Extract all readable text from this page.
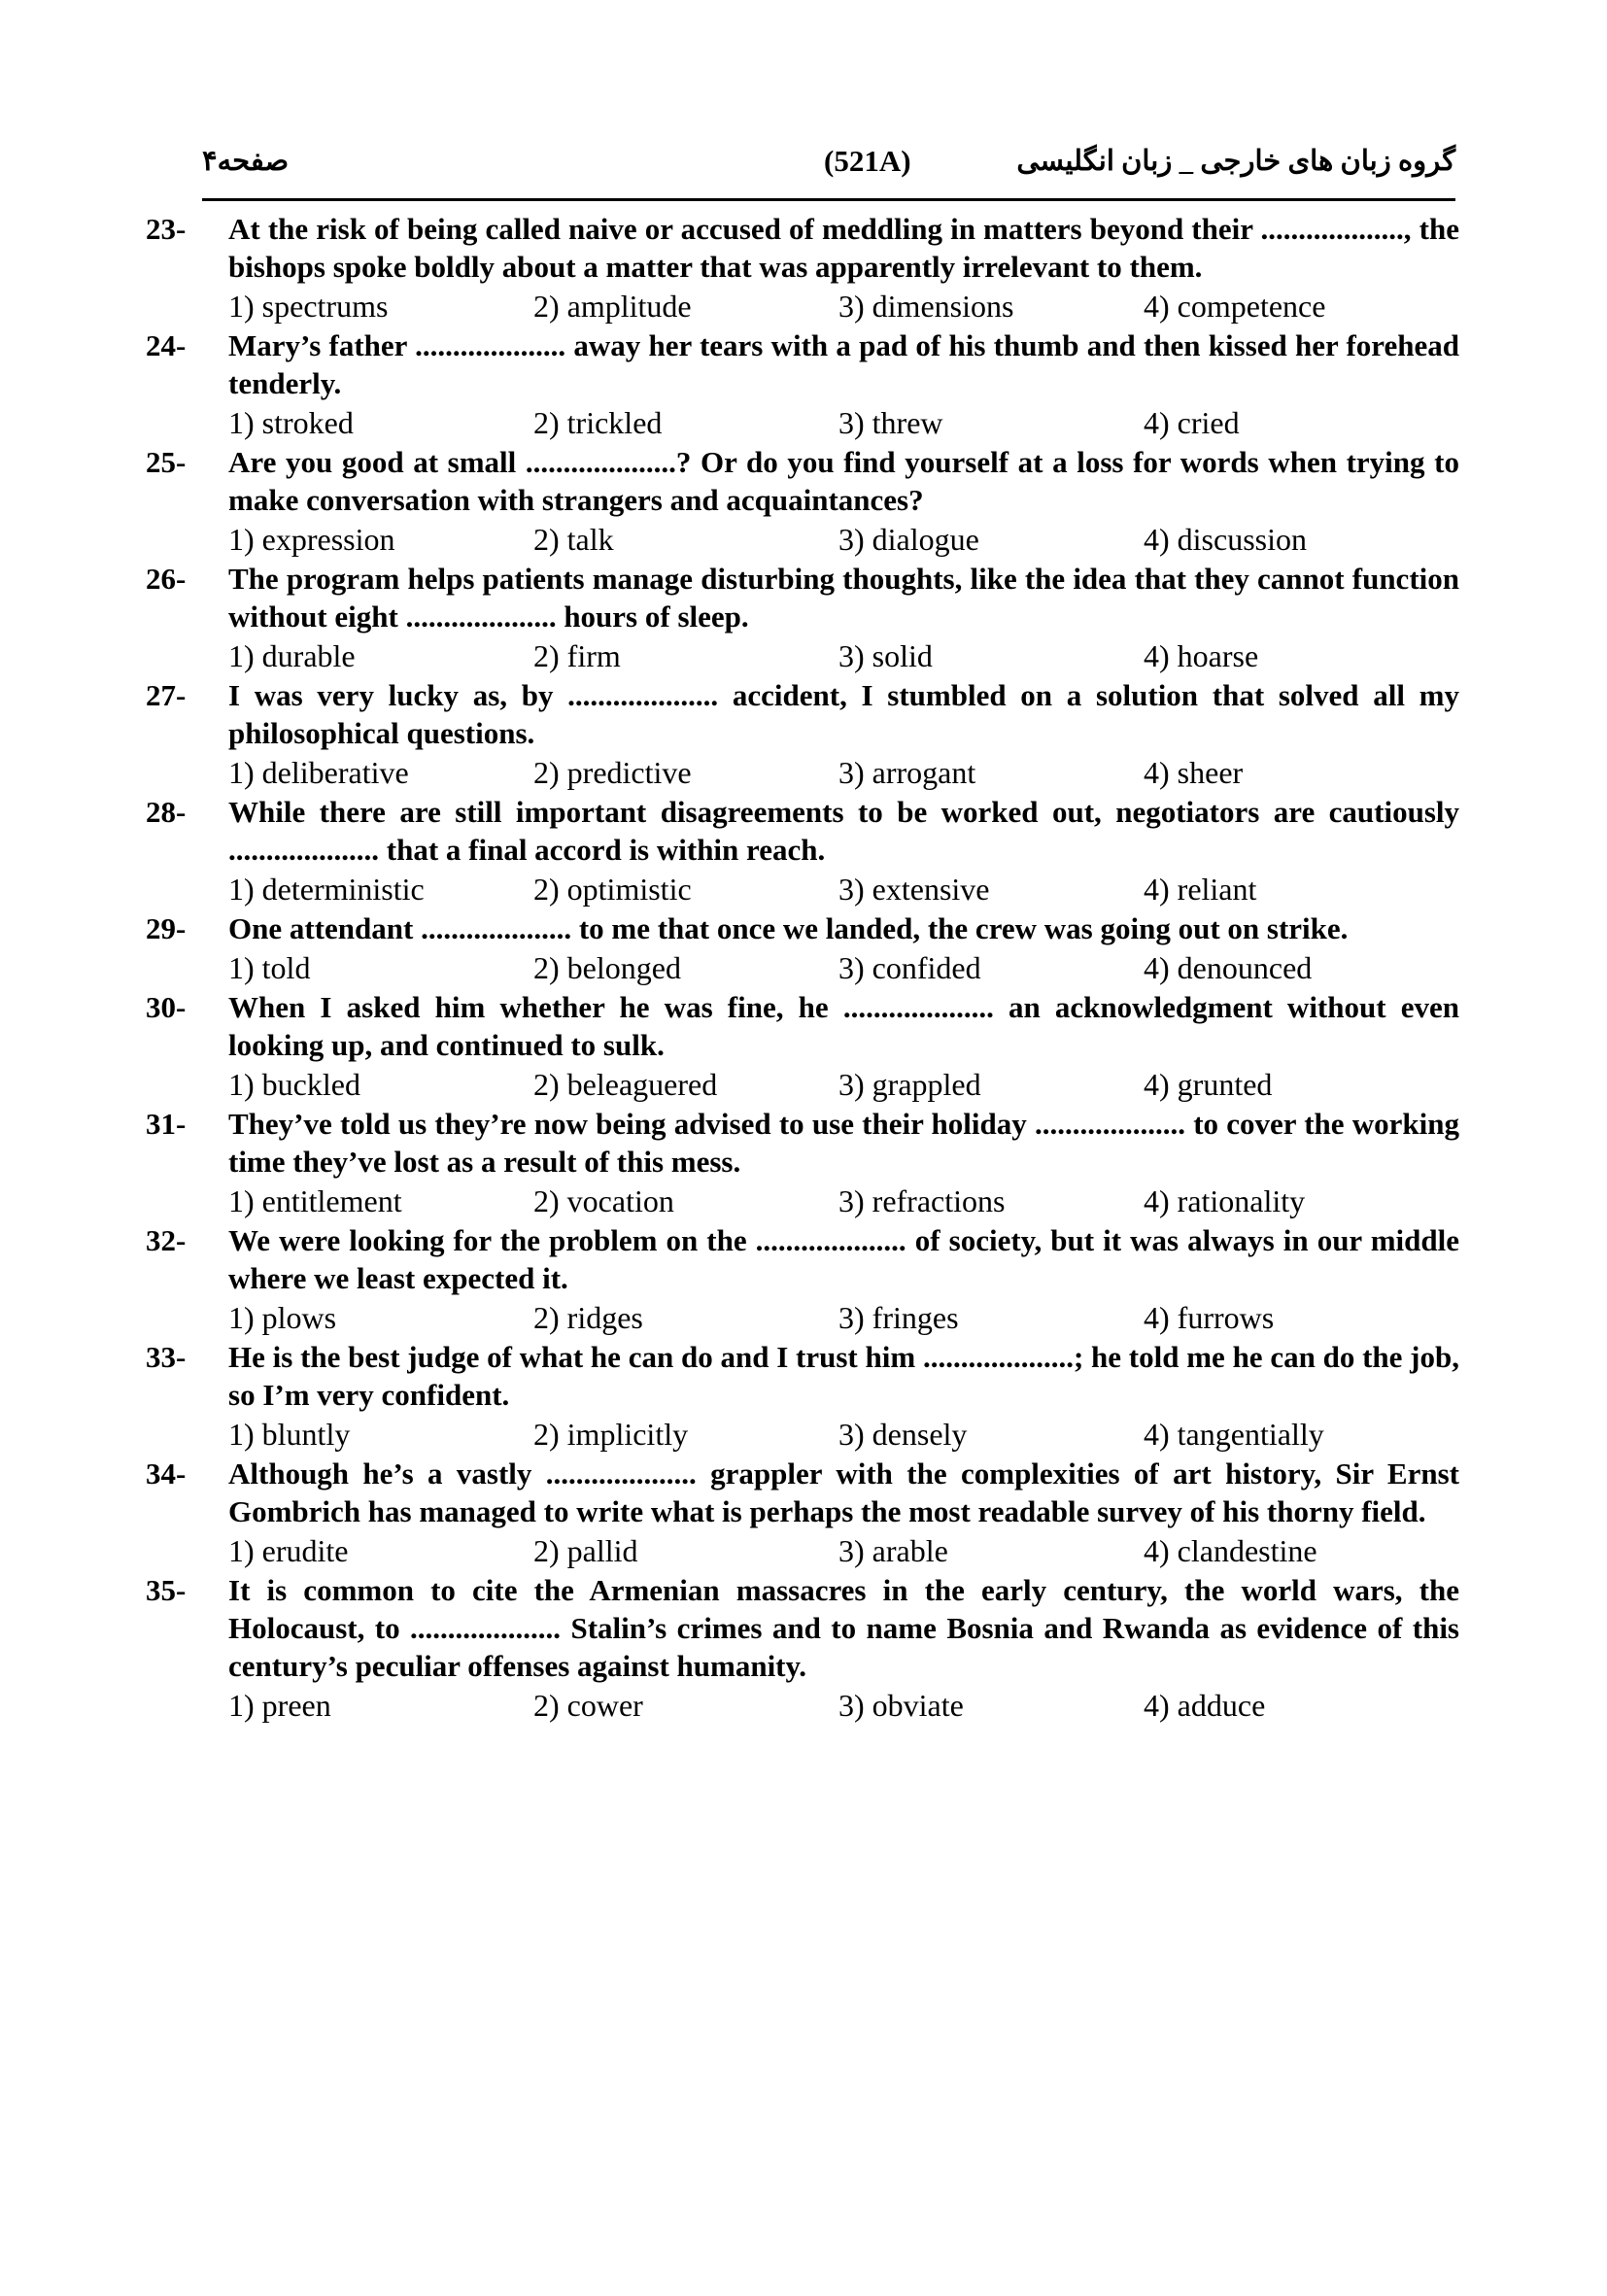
صفحه۴	(521A)	گروه زبان های خارجی _ زبان انگلیسی
23- At the risk of being called naive or accused of meddling in matters beyond their ..................., the bishops spoke boldly about a matter that was apparently irrelevant to them.
1) spectrums	2) amplitude	3) dimensions	4) competence
24- Mary’s father .................... away her tears with a pad of his thumb and then kissed her forehead tenderly.
1) stroked	2) trickled	3) threw	4) cried
25- Are you good at small ....................? Or do you find yourself at a loss for words when trying to make conversation with strangers and acquaintances?
1) expression	2) talk	3) dialogue	4) discussion
26- The program helps patients manage disturbing thoughts, like the idea that they cannot function without eight .................... hours of sleep.
1) durable	2) firm	3) solid	4) hoarse
27- I was very lucky as, by .................... accident, I stumbled on a solution that solved all my philosophical questions.
1) deliberative	2) predictive	3) arrogant	4) sheer
28- While there are still important disagreements to be worked out, negotiators are cautiously .................... that a final accord is within reach.
1) deterministic	2) optimistic	3) extensive	4) reliant
29- One attendant .................... to me that once we landed, the crew was going out on strike.
1) told	2) belonged	3) confided	4) denounced
30- When I asked him whether he was fine, he .................... an acknowledgment without even looking up, and continued to sulk.
1) buckled	2) beleaguered	3) grappled	4) grunted
31- They’ve told us they’re now being advised to use their holiday .................... to cover the working time they’ve lost as a result of this mess.
1) entitlement	2) vocation	3) refractions	4) rationality
32- We were looking for the problem on the .................... of society, but it was always in our middle where we least expected it.
1) plows	2) ridges	3) fringes	4) furrows
33- He is the best judge of what he can do and I trust him ....................; he told me he can do the job, so I’m very confident.
1) bluntly	2) implicitly	3) densely	4) tangentially
34- Although he’s a vastly .................... grappler with the complexities of art history, Sir Ernst Gombrich has managed to write what is perhaps the most readable survey of his thorny field.
1) erudite	2) pallid	3) arable	4) clandestine
35- It is common to cite the Armenian massacres in the early century, the world wars, the Holocaust, to .................... Stalin’s crimes and to name Bosnia and Rwanda as evidence of this century’s peculiar offenses against humanity.
1) preen	2) cower	3) obviate	4) adduce
